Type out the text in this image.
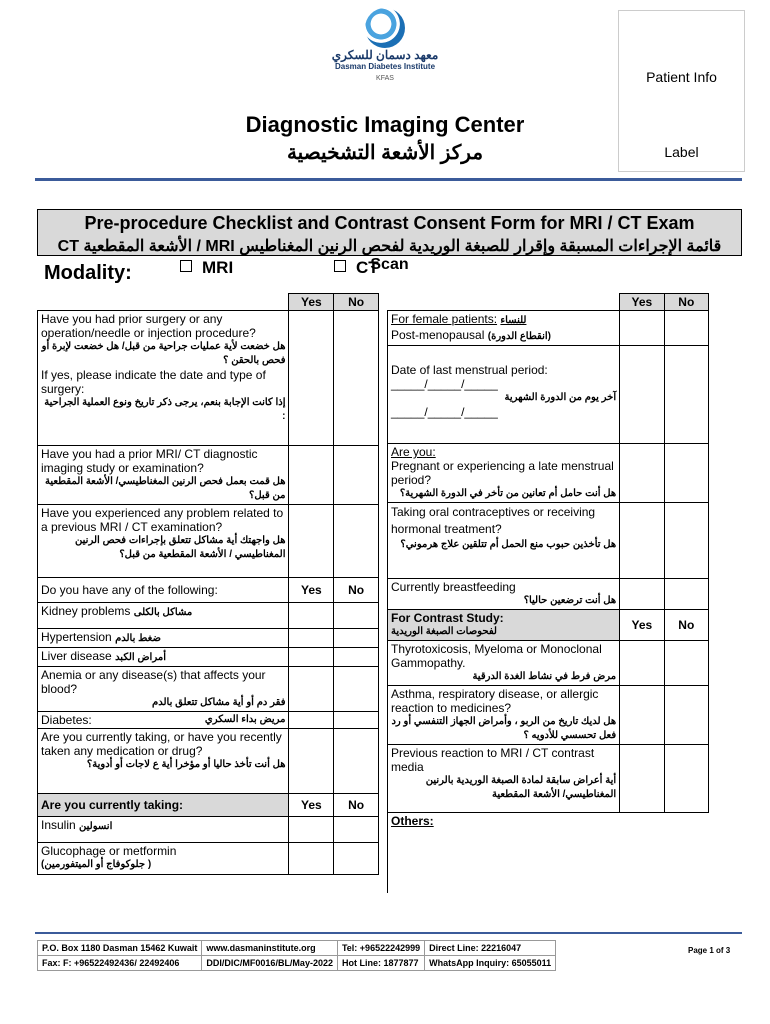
معهد دسمان للسكري
Dasman Diabetes Institute
KFAS	Patient Info
Label
Diagnostic Imaging Center
مركز الأشعة التشخيصية
Pre-procedure Checklist and Contrast Consent Form for MRI / CT Exam
قائمة الإجراءات المسبقة وإقرار للصبغة الوريدية لفحص الرنين المغناطيس MRI / الأشعة المقطعية CT Scan
Modality:	MRI	CT
	Yes	No

Have you had prior surgery or any operation/needle or injection procedure?
هل خضعت لأية عمليات جراحية من قبل/ هل خضعت لإبرة أو فحص بالحقن ؟
If yes, please indicate the date and type of surgery:
إذا كانت الإجابة بنعم، يرجى ذكر تاريخ ونوع العملية الجراحية :		

Have you had a prior MRI/ CT diagnostic imaging study or examination?
هل قمت بعمل فحص الرنين المغناطيسي/ الأشعة المقطعية من قبل؟		

Have you experienced any problem related to a previous MRI / CT examination?
هل واجهتك أية مشاكل تتعلق بإجراءات فحص الرنين المغناطيسي / الأشعة المقطعية من قبل؟		

Do you have any of the following:	Yes	No
Kidney problems مشاكل بالكلى		
Hypertension ضغط بالدم		
Liver disease أمراض الكبد		

Anemia or any disease(s) that affects your blood?
فقر دم أو أية مشاكل تتعلق بالدم		

Diabetes: مريض بداء السكري		

Are you currently taking, or have you recently taken any medication or drug?
هل أنت تأخذ حاليا أو مؤخرا أية ع لاجات أو أدوية؟		

Are you currently taking:	Yes	No
Insulin انسولين		

Glucophage or metformin
( جلوكوفاج أو الميتفورمين)		

	Yes	No

For female patients: للنساء
Post-menopausal (انقطاع الدورة)		

Date of last menstrual period:
_____/_____/_____
آخر يوم من الدورة الشهرية
_____/_____/_____		

Are you:
Pregnant or experiencing a late menstrual period?
هل أنت حامل أم تعانين من تأخر في الدورة الشهرية؟		

Taking oral contraceptives or receiving hormonal treatment?
هل تأخذين حبوب منع الحمل أم تتلقين علاج هرموني؟		

Currently breastfeeding
هل أنت ترضعين حاليا؟		

For Contrast Study:
لفحوصات الصبغة الوريدية	Yes	No

Thyrotoxicosis, Myeloma or Monoclonal Gammopathy.
مرض فرط في نشاط الغدة الدرقية		

Asthma, respiratory disease, or allergic reaction to medicines?
هل لديك تاريخ من الربو ، وأمراض الجهاز التنفسي أو رد فعل تحسسي للأدويه ؟		

Previous reaction to MRI / CT contrast media
أية أعراض سابقة لمادة الصبغة الوريدية بالرنين المغناطيسي/ الأشعة المقطعية		

Others:		
P.O. Box 1180 Dasman 15462 Kuwait	www.dasmaninstitute.org	Tel: +96522242999	Direct Line: 22216047
Fax: F: +96522492436/ 22492406	DDI/DIC/MF0016/BL/May-2022	Hot Line: 1877877	WhatsApp Inquiry: 65055011
Page 1 of 3
